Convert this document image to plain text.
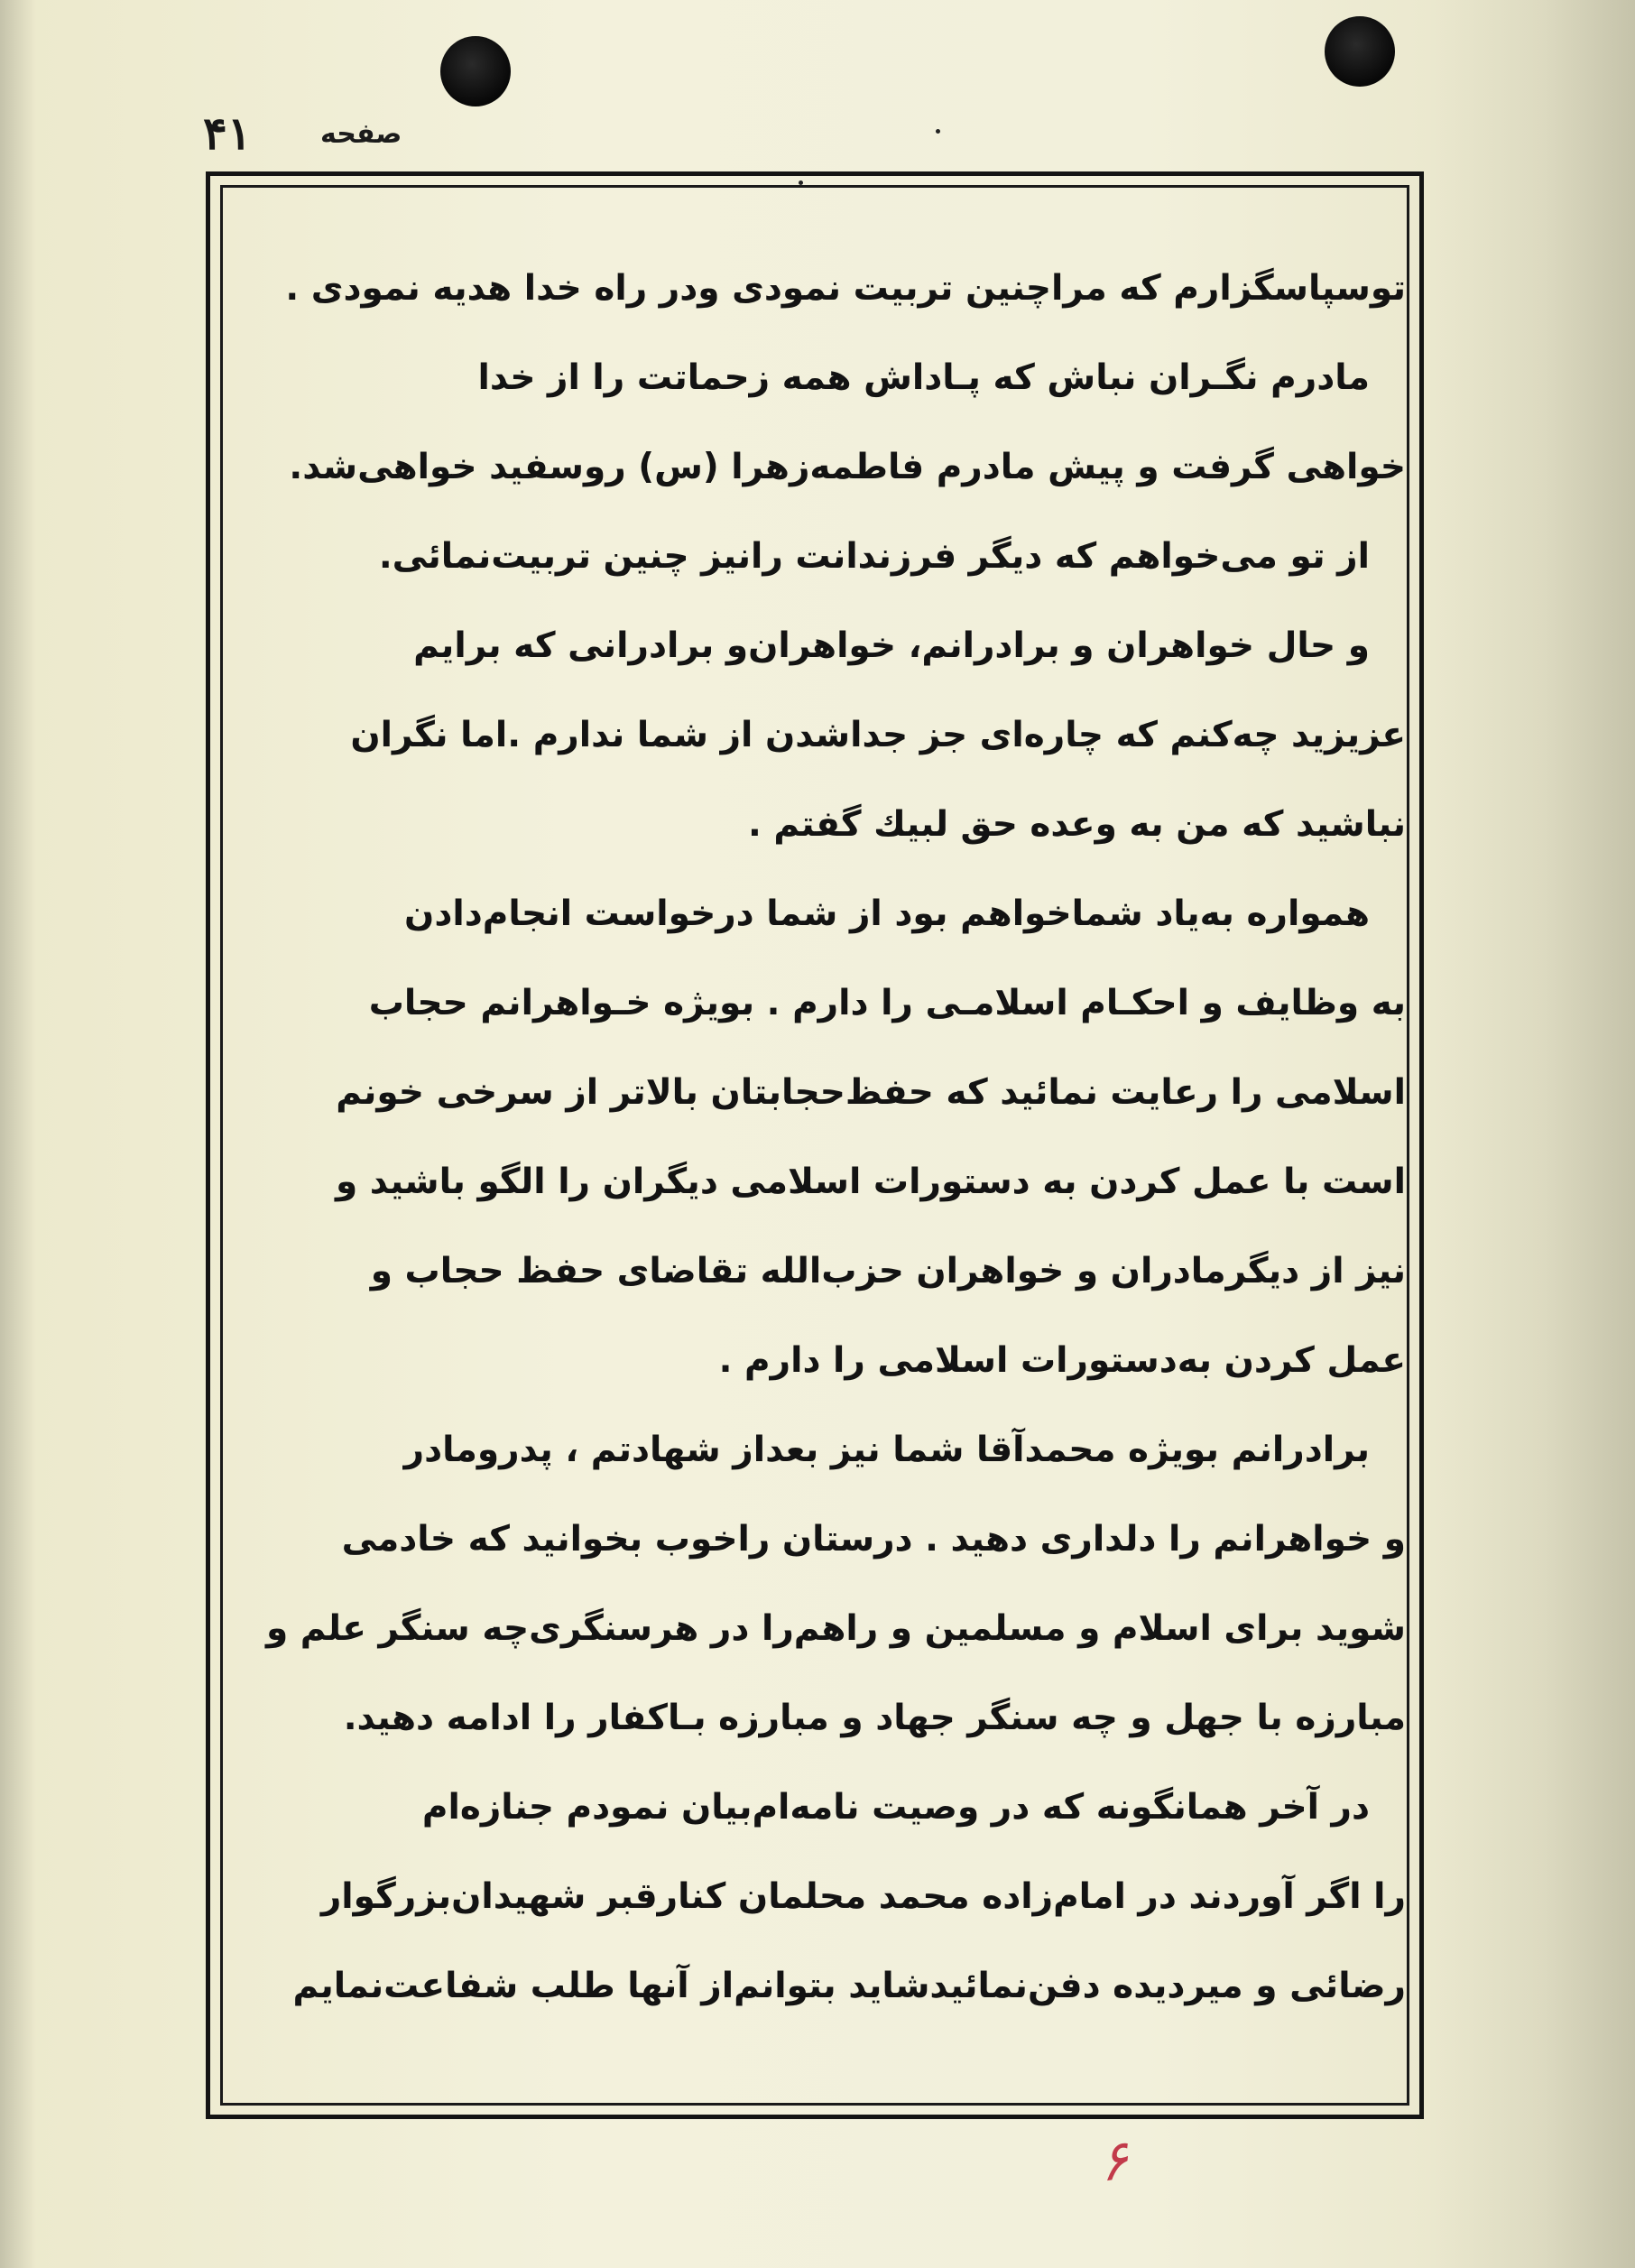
۴۱	صفحه
توسپاسگزارم که مراچنین تربیت نمودی ودر راه خدا هدیه نمودی .
مادرم نگـران نباش که پـاداش همه زحماتت را از خدا
خواهی گرفت و پیش مادرم فاطمه‌زهرا (س) روسفید خواهی‌شد.
از تو می‌خواهم که دیگر فرزندانت رانیز چنین تربیت‌نمائی.
و حال خواهران و برادرانم، خواهران‌و برادرانی که برایم
عزیزید چه‌کنم که چاره‌ای جز جداشدن از شما ندارم .اما نگران
نباشید که من به وعده حق لبیك گفتم .
همواره به‌یاد شماخواهم بود از شما درخواست انجام‌دادن
به وظایف و احکـام اسلامـی را دارم . بویژه خـواهرانم حجاب
اسلامی را رعایت نمائید که حفظ‌حجابتان بالاتر از سرخی خونم
است با عمل کردن به دستورات اسلامی دیگران را الگو باشید و
نیز از دیگرمادران و خواهران حزب‌الله تقاضای حفظ حجاب و
عمل کردن به‌دستورات اسلامی را دارم .
برادرانم بویژه محمدآقا شما نیز بعداز شهادتم ، پدرومادر
و خواهرانم را دلداری دهید . درستان راخوب بخوانید که خادمی
شوید برای اسلام و مسلمین و راهم‌را در هرسنگری‌چه سنگر علم و
مبارزه با جهل و چه سنگر جهاد و مبارزه بـاکفار را ادامه دهید.
در آخر همانگونه که در وصیت نامه‌ام‌بیان نمودم جنازه‌ام
را اگر آوردند در امام‌زاده محمد محلمان کنارقبر شهیدان‌بزرگوار
رضائی و میردیده دفن‌نمائیدشاید بتوانم‌از آنها طلب شفاعت‌نمایم
۶
